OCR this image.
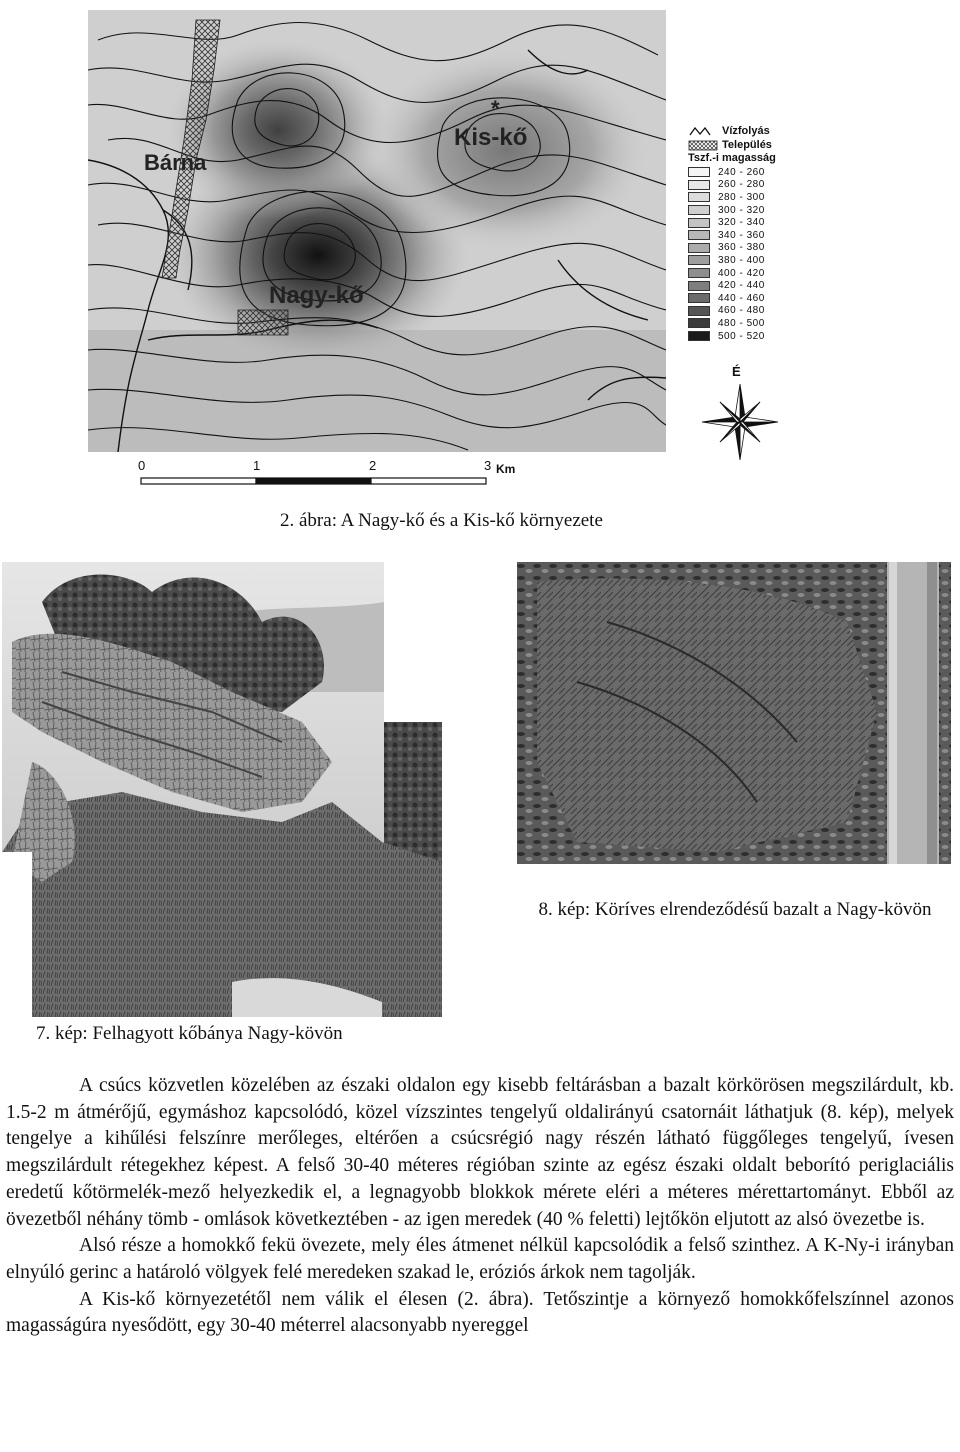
Bárna
Kis-kő
*
Nagy-kő
Vízfolyás
Település
Tszf.-i magasság
240 - 260
260 - 280
280 - 300
300 - 320
320 - 340
340 - 360
360 - 380
380 - 400
400 - 420
420 - 440
440 - 460
460 - 480
480 - 500
500 - 520
É
0	1	2	3 Km
2. ábra: A Nagy-kő és a Kis-kő környezete
8. kép: Köríves elrendeződésű bazalt a Nagy-kövön
7. kép: Felhagyott kőbánya Nagy-kövön

A csúcs közvetlen közelében az északi oldalon egy kisebb feltárásban a bazalt körkörösen megszilárdult, kb. 1.5-2 m átmérőjű, egymáshoz kapcsolódó, közel vízszintes tengelyű oldalirányú csatornáit láthatjuk (8. kép), melyek tengelye a kihűlési felszínre merőleges, eltérően a csúcsrégió nagy részén látható függőleges tengelyű, ívesen megszilárdult rétegekhez képest. A felső 30-40 méteres régióban szinte az egész északi oldalt beborító periglaciális eredetű kőtörmelék-mező helyezkedik el, a legnagyobb blokkok mérete eléri a méteres mérettartományt. Ebből az övezetből néhány tömb - omlások következtében - az igen meredek (40 % feletti) lejtőkön eljutott az alsó övezetbe is.

Alsó része a homokkő fekü övezete, mely éles átmenet nélkül kapcsolódik a felső szinthez. A K-Ny-i irányban elnyúló gerinc a határoló völgyek felé meredeken szakad le, eróziós árkok nem tagolják.

A Kis-kő környezetétől nem válik el élesen (2. ábra). Tetőszintje a környező homokkőfelszínnel azonos magasságúra nyesődött, egy 30-40 méterrel alacsonyabb nyereggel
